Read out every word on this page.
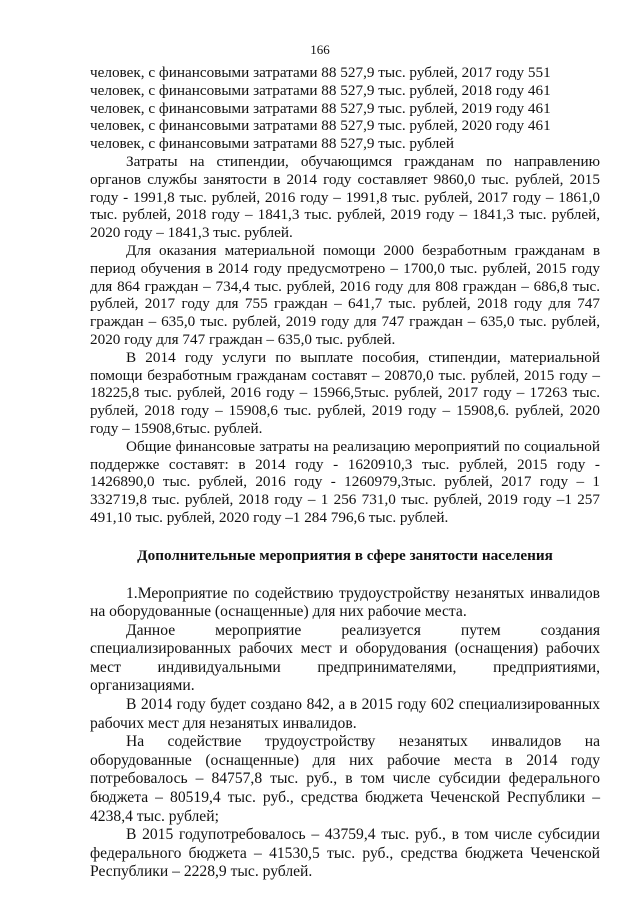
166

человек, с финансовыми затратами 88 527,9 тыс. рублей, 2017 году 551

человек, с финансовыми затратами 88 527,9 тыс. рублей, 2018 году 461

человек, с финансовыми затратами 88 527,9 тыс. рублей, 2019 году 461

человек, с финансовыми затратами 88 527,9 тыс. рублей, 2020 году 461

человек, с финансовыми затратами 88 527,9 тыс. рублей

Затраты на стипендии, обучающимся гражданам по направлению органов службы занятости в 2014 году составляет 9860,0 тыс. рублей, 2015 году - 1991,8 тыс. рублей, 2016 году – 1991,8 тыс. рублей, 2017 году – 1861,0 тыс. рублей, 2018 году – 1841,3 тыс. рублей, 2019 году – 1841,3 тыс. рублей, 2020 году – 1841,3 тыс. рублей.

Для оказания материальной помощи 2000 безработным гражданам в период обучения в 2014 году предусмотрено – 1700,0 тыс. рублей, 2015 году для 864 граждан – 734,4 тыс. рублей, 2016 году для 808 граждан – 686,8 тыс. рублей, 2017 году для 755 граждан – 641,7 тыс. рублей, 2018 году для 747 граждан – 635,0 тыс. рублей, 2019 году для 747 граждан – 635,0 тыс. рублей, 2020 году для 747 граждан – 635,0 тыс. рублей.

В 2014 году услуги по выплате пособия, стипендии, материальной помощи безработным гражданам составят – 20870,0 тыс. рублей, 2015 году – 18225,8 тыс. рублей, 2016 году – 15966,5тыс. рублей, 2017 году – 17263 тыс. рублей, 2018 году – 15908,6 тыс. рублей, 2019 году – 15908,6. рублей, 2020 году – 15908,6тыс. рублей.

Общие финансовые затраты на реализацию мероприятий по социальной поддержке составят: в 2014 году - 1620910,3 тыс. рублей, 2015 году - 1426890,0 тыс. рублей, 2016 году - 1260979,3тыс. рублей, 2017 году – 1 332719,8 тыс. рублей, 2018 году – 1 256 731,0 тыс. рублей, 2019 году –1 257 491,10 тыс. рублей, 2020 году –1 284 796,6 тыс. рублей.

Дополнительные мероприятия в сфере занятости населения

1.Мероприятие по содействию трудоустройству незанятых инвалидов на оборудованные (оснащенные) для них рабочие места.

Данное мероприятие реализуется путем создания специализированных рабочих мест и оборудования (оснащения) рабочих мест индивидуальными предпринимателями, предприятиями, организациями.

В 2014 году будет создано 842, а в 2015 году 602 специализированных рабочих мест для незанятых инвалидов.

На содействие трудоустройству незанятых инвалидов на оборудованные (оснащенные) для них рабочие места в 2014 году потребовалось – 84757,8 тыс. руб., в том числе субсидии федерального бюджета – 80519,4 тыс. руб., средства бюджета Чеченской Республики – 4238,4 тыс. рублей;

В 2015 годупотребовалось – 43759,4 тыс. руб., в том числе субсидии федерального бюджета – 41530,5 тыс. руб., средства бюджета Чеченской Республики – 2228,9 тыс. рублей.
